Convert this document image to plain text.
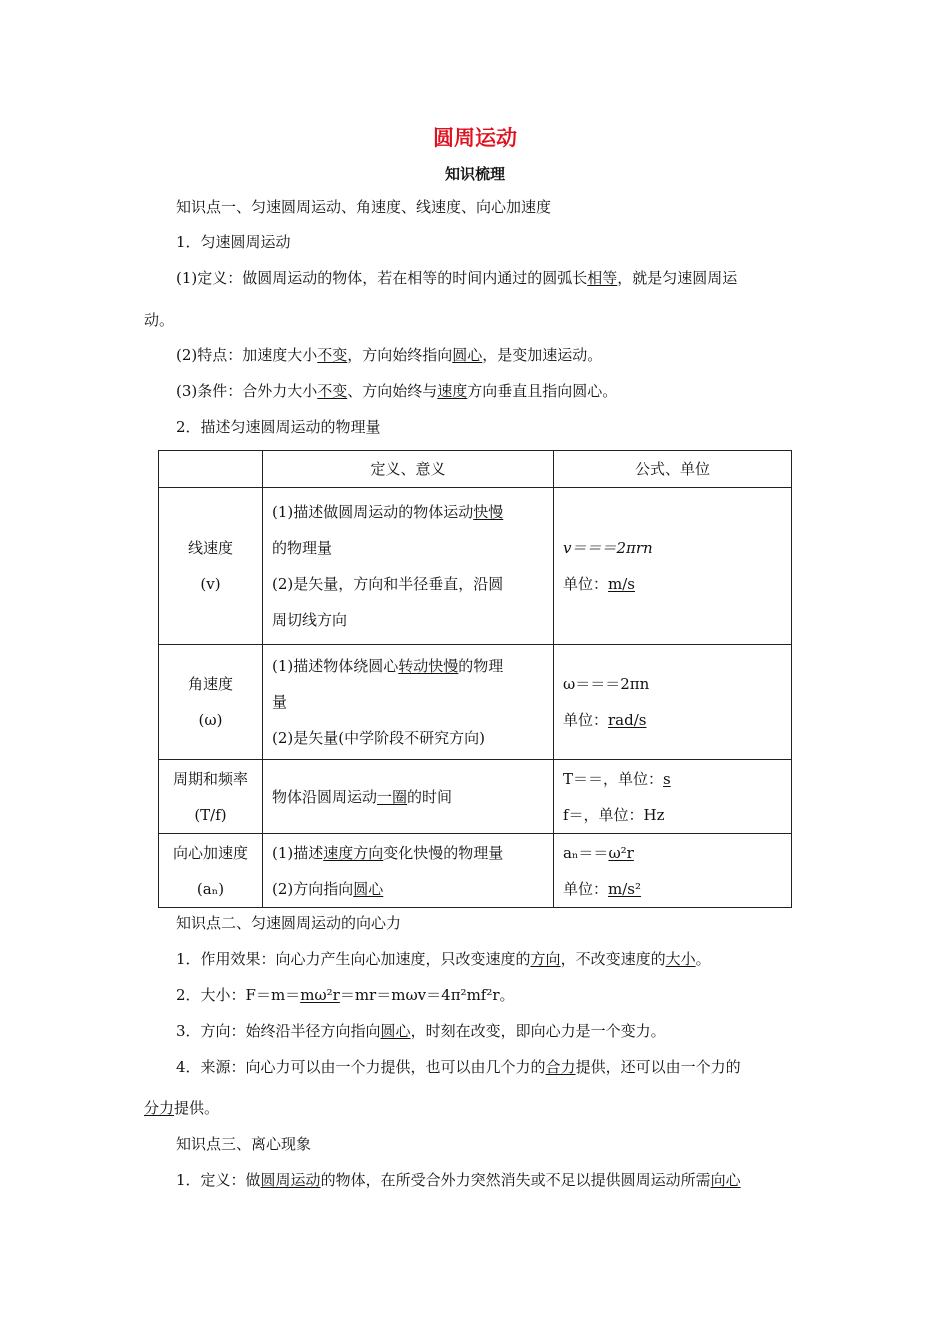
圆周运动
知识梳理
知识点一、匀速圆周运动、角速度、线速度、向心加速度
1．匀速圆周运动
(1)定义：做圆周运动的物体，若在相等的时间内通过的圆弧长相等，就是匀速圆周运
动。
(2)特点：加速度大小不变，方向始终指向圆心，是变加速运动。
(3)条件：合外力大小不变、方向始终与速度方向垂直且指向圆心。
2．描述匀速圆周运动的物理量
	定义、意义	公式、单位

线速度
(v)	(1)描述做圆周运动的物体运动快慢
的物理量
(2)是矢量，方向和半径垂直，沿圆
周切线方向	v＝＝＝2πrn
单位：m/s

角速度
(ω)	(1)描述物体绕圆心转动快慢的物理
量
(2)是矢量(中学阶段不研究方向)	ω＝＝＝2πn
单位：rad/s

周期和频率
(T/f)	物体沿圆周运动一圈的时间	T＝＝，单位：s
f＝，单位：Hz

向心加速度
(aₙ)	(1)描述速度方向变化快慢的物理量
(2)方向指向圆心	aₙ＝＝ω²r
单位：m/s²
知识点二、匀速圆周运动的向心力
1．作用效果：向心力产生向心加速度，只改变速度的方向，不改变速度的大小。
2．大小：F＝m＝mω²r＝mr＝mωv＝4π²mf²r。
3．方向：始终沿半径方向指向圆心，时刻在改变，即向心力是一个变力。
4．来源：向心力可以由一个力提供，也可以由几个力的合力提供，还可以由一个力的
分力提供。
知识点三、离心现象
1．定义：做圆周运动的物体，在所受合外力突然消失或不足以提供圆周运动所需向心
